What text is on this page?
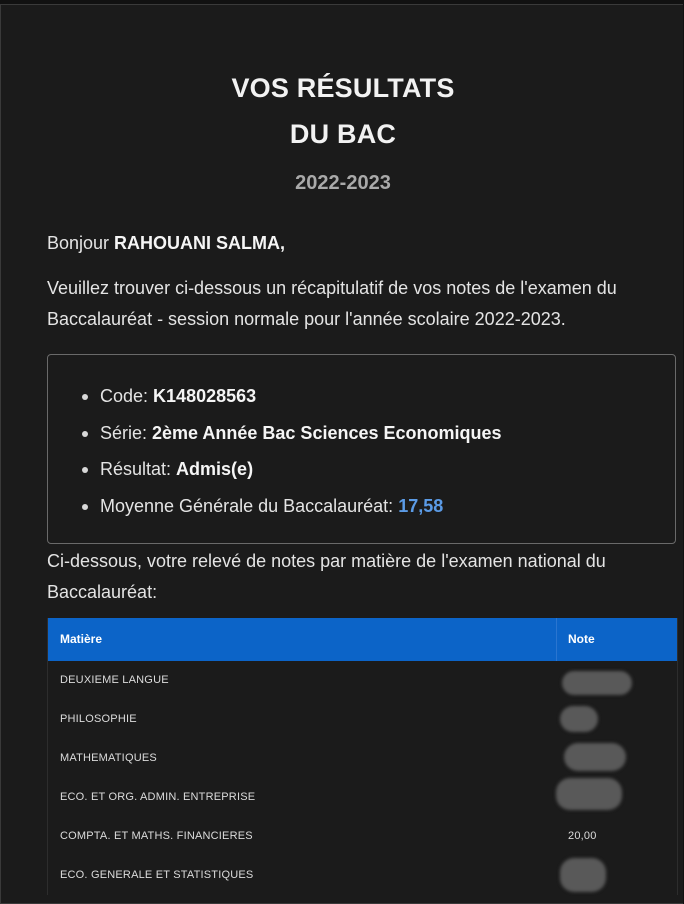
VOS RÉSULTATS
DU BAC
2022-2023
Bonjour RAHOUANI SALMA,
Veuillez trouver ci-dessous un récapitulatif de vos notes de l'examen du Baccalauréat - session normale pour l'année scolaire 2022-2023.
Code: K148028563
Série: 2ème Année Bac Sciences Economiques
Résultat: Admis(e)
Moyenne Générale du Baccalauréat: 17,58
Ci-dessous, votre relevé de notes par matière de l'examen national du Baccalauréat:
Matière	Note
DEUXIEME LANGUE
PHILOSOPHIE
MATHEMATIQUES
ECO. ET ORG. ADMIN. ENTREPRISE
COMPTA. ET MATHS. FINANCIERES	20,00
ECO. GENERALE ET STATISTIQUES
